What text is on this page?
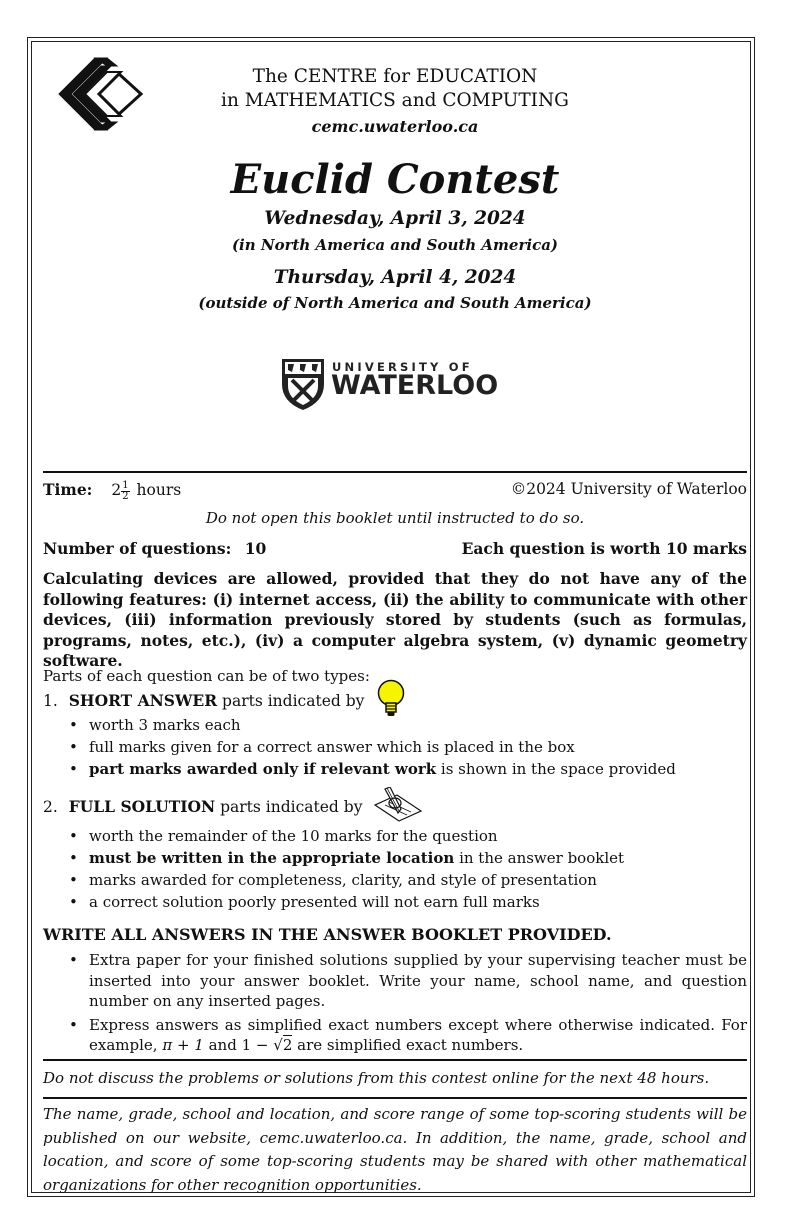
The CENTRE for EDUCATION
in MATHEMATICS and COMPUTING
cemc.uwaterloo.ca
Euclid Contest
Wednesday, April 3, 2024
(in North America and South America)
Thursday, April 4, 2024
(outside of North America and South America)
UNIVERSITY OF
WATERLOO
Time: $2 \frac{1}{2}$ hours	©2024 University of Waterloo
Do not open this booklet until instructed to do so.
Number of questions: 10	Each question is worth 10 marks
Calculating devices are allowed, provided that they do not have any of the following features: (i) internet access, (ii) the ability to communicate with other devices, (iii) information previously stored by students (such as formulas, programs, notes, etc.), (iv) a computer algebra system, (v) dynamic geometry software.
Parts of each question can be of two types:
1. SHORT ANSWER parts indicated by
• worth 3 marks each
• full marks given for a correct answer which is placed in the box
• part marks awarded only if relevant work is shown in the space provided
2. FULL SOLUTION parts indicated by
• worth the remainder of the 10 marks for the question
• must be written in the appropriate location in the answer booklet
• marks awarded for completeness, clarity, and style of presentation
• a correct solution poorly presented will not earn full marks
WRITE ALL ANSWERS IN THE ANSWER BOOKLET PROVIDED.
• Extra paper for your finished solutions supplied by your supervising teacher must be inserted into your answer booklet. Write your name, school name, and question number on any inserted pages.
• Express answers as simplified exact numbers except where otherwise indicated. For example, π + 1 and 1 − √2 are simplified exact numbers.
Do not discuss the problems or solutions from this contest online for the next 48 hours.
The name, grade, school and location, and score range of some top-scoring students will be published on our website, cemc.uwaterloo.ca. In addition, the name, grade, school and location, and score of some top-scoring students may be shared with other mathematical organizations for other recognition opportunities.
